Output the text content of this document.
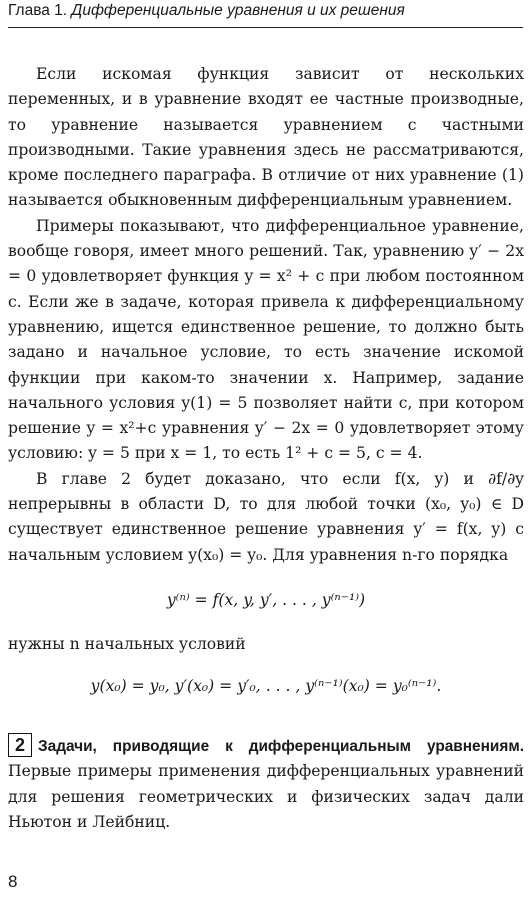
Глава 1. Дифференциальные уравнения и их решения

Если искомая функция зависит от нескольких переменных, и в уравнение входят ее частные производные, то уравнение называется уравнением с частными производными. Такие уравнения здесь не рассматриваются, кроме последнего параграфа. В отличие от них уравнение (1) называется обыкновенным дифференциальным уравнением.

Примеры показывают, что дифференциальное уравнение, вообще говоря, имеет много решений. Так, уравнению y′ − 2x = 0 удовлетворяет функция y = x² + c при любом постоянном c. Если же в задаче, которая привела к дифференциальному уравнению, ищется единственное решение, то должно быть задано и начальное условие, то есть значение искомой функции при каком-то значении x. Например, задание начального условия y(1) = 5 позволяет найти c, при котором решение y = x²+c уравнения y′ − 2x = 0 удовлетворяет этому условию: y = 5 при x = 1, то есть 1² + c = 5, c = 4.

В главе 2 будет доказано, что если f(x, y) и ∂f/∂y непрерывны в области D, то для любой точки (x₀, y₀) ∈ D существует единственное решение уравнения y′ = f(x, y) с начальным условием y(x₀) = y₀. Для уравнения n-го порядка

y⁽ⁿ⁾ = f(x, y, y′, . . . , y⁽ⁿ⁻¹⁾)

нужны n начальных условий

y(x₀) = y₀, y′(x₀) = y′₀, . . . , y⁽ⁿ⁻¹⁾(x₀) = y₀⁽ⁿ⁻¹⁾.

2 Задачи, приводящие к дифференциальным уравнениям. Первые примеры применения дифференциальных уравнений для решения геометрических и физических задач дали Ньютон и Лейбниц.
8
